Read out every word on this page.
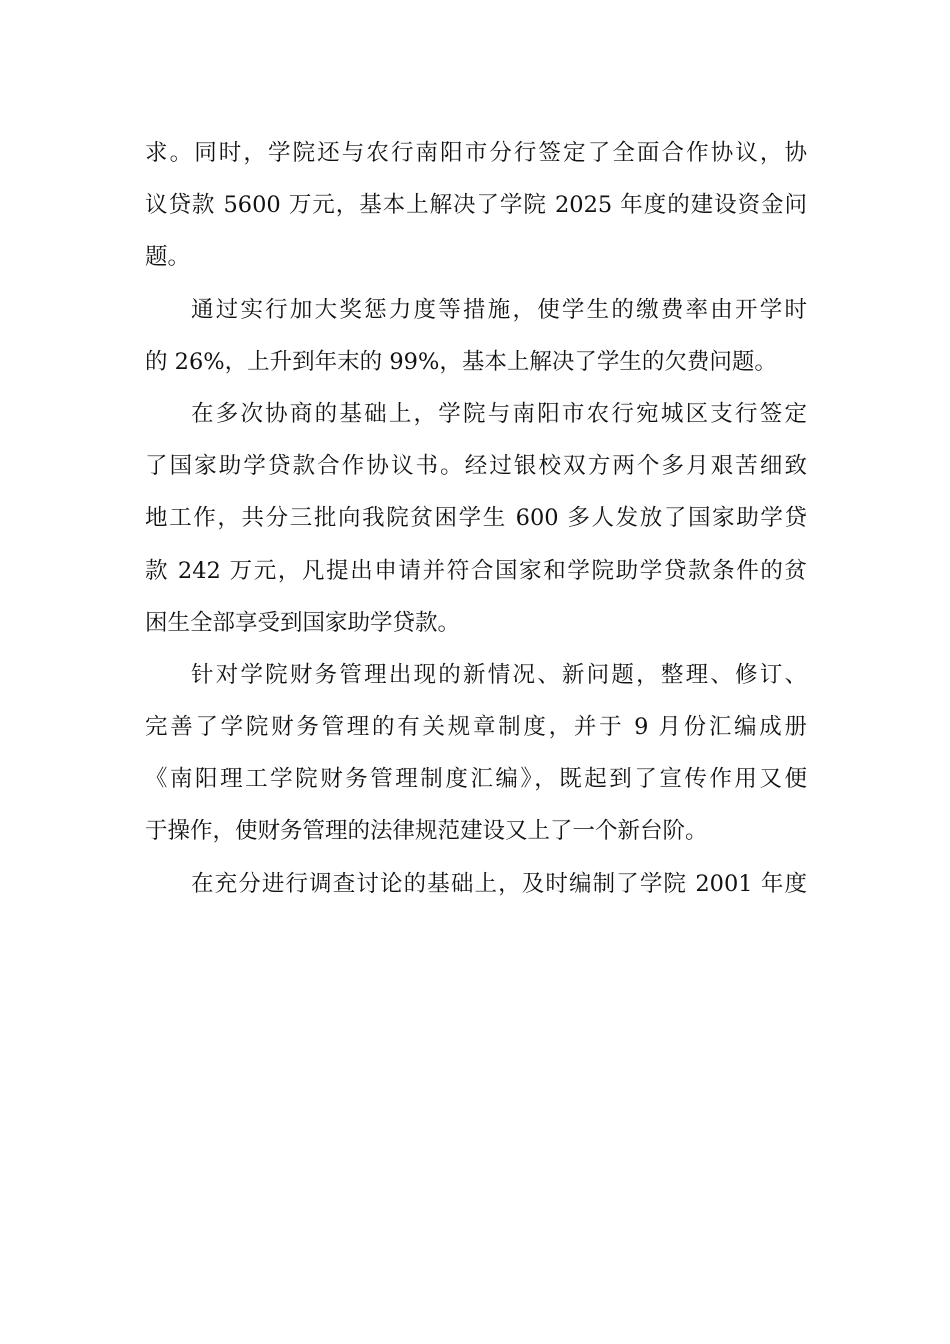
求。同时，学院还与农行南阳市分行签定了全面合作协议，协
议贷款 5600 万元，基本上解决了学院 2025 年度的建设资金问
题。
通过实行加大奖惩力度等措施，使学生的缴费率由开学时
的 26%，上升到年末的 99%，基本上解决了学生的欠费问题。
在多次协商的基础上，学院与南阳市农行宛城区支行签定
了国家助学贷款合作协议书。经过银校双方两个多月艰苦细致
地工作，共分三批向我院贫困学生 600 多人发放了国家助学贷
款 242 万元，凡提出申请并符合国家和学院助学贷款条件的贫
困生全部享受到国家助学贷款。
针对学院财务管理出现的新情况、新问题，整理、修订、
完善了学院财务管理的有关规章制度，并于 9 月份汇编成册
《南阳理工学院财务管理制度汇编》，既起到了宣传作用又便
于操作，使财务管理的法律规范建设又上了一个新台阶。
在充分进行调查讨论的基础上，及时编制了学院 2001 年度
